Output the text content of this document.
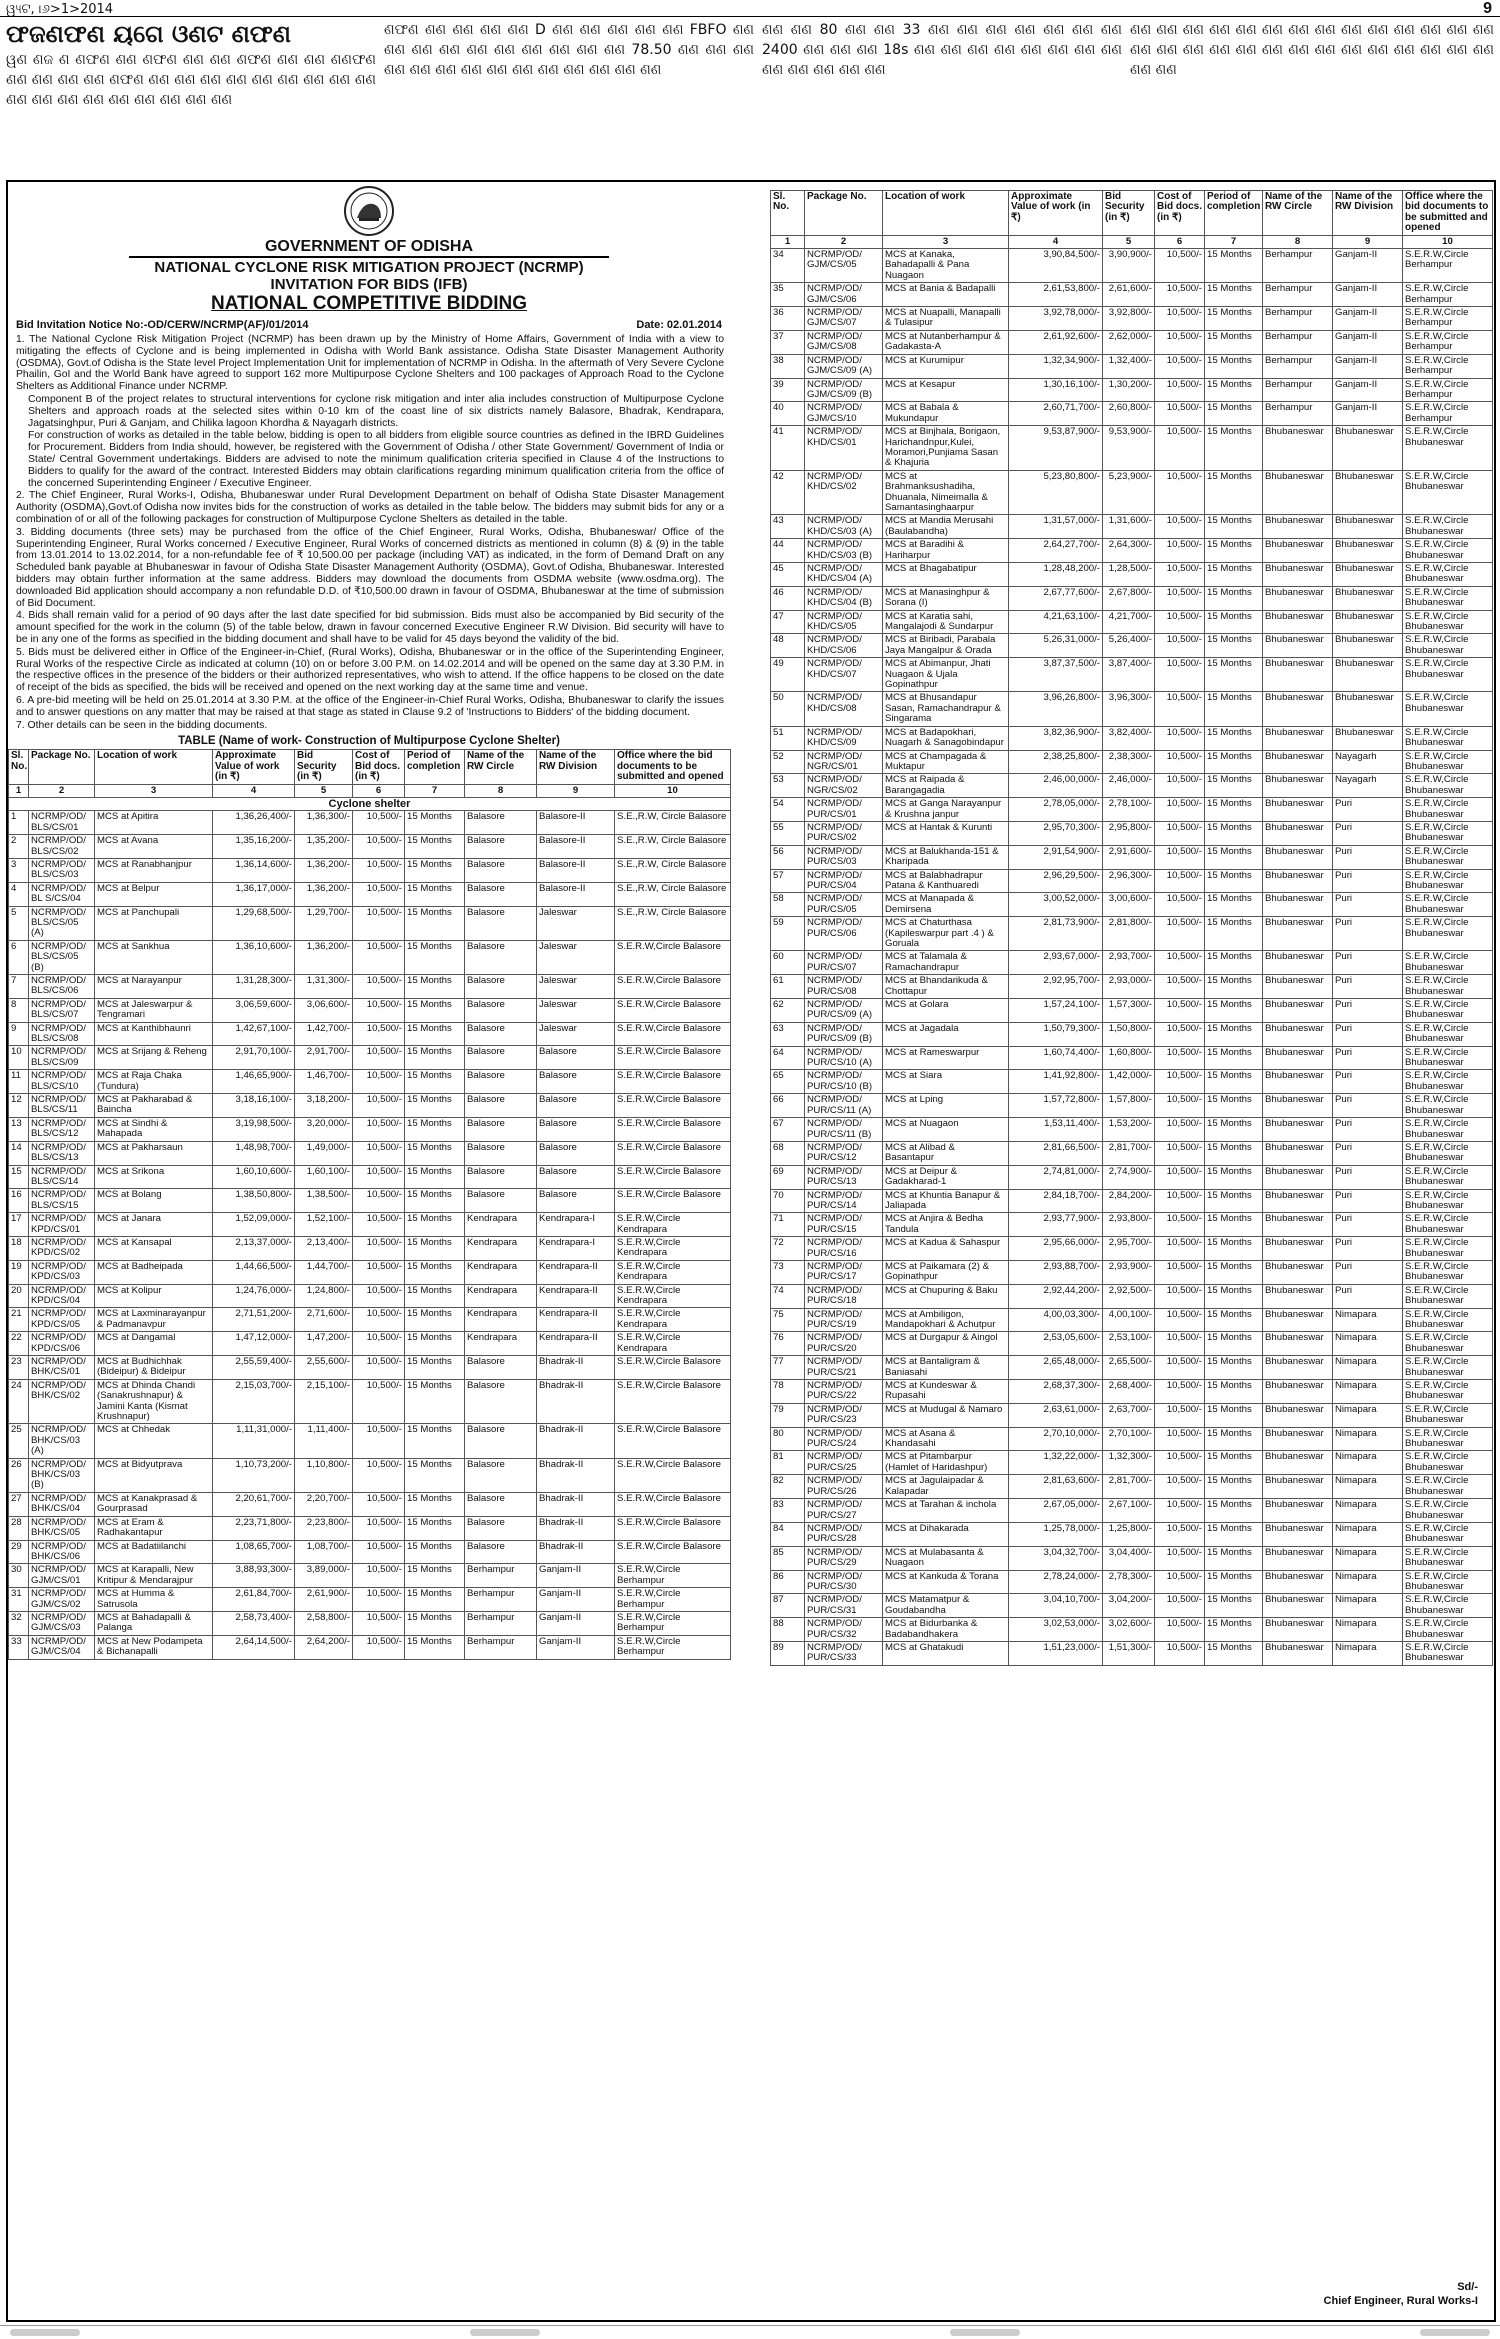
ୱ୳ଟ, ୲୬>1>2014	9
ଫଜଣଫଣ ୟଗେ ଓଣଟ ଣଫଣ
ୱଣ ଣଜ ଣ ଣଫଣ ଣଣ ଣଫଣ ଣଣ ଣଣ ଣଫଣ ଣଣ ଣଣ ଣଣଫଣ ଣଣ ଣଣ ଣଣ ଣଣ ଣଫଣ ଣଣ ଣଣ ଣଣ ଣଣ ଣଣ ଣଣ ଣଣ ଣଣ ଣଣ ଣଣ ଣଣ ଣଣ ଣଣ ଣଣ ଣଣ ଣଣ ଣଣ ଣଣ
ଣଫଣ ଣଣ ଣଣ ଣଣ ଣଣ D ଣଣ ଣଣ ଣଣ ଣଣ ଣଣ FBFO ଣଣ ଣଣ ଣଣ ଣଣ ଣଣ ଣଣ ଣଣ ଣଣ ଣଣ ଣଣ 78.50 ଣଣ ଣଣ ଣଣ ଣଣ ଣଣ ଣଣ ଣଣ ଣଣ ଣଣ ଣଣ ଣଣ ଣଣ ଣଣ ଣଣ
ଣଣ ଣଣ 80 ଣଣ ଣଣ 33 ଣଣ ଣଣ ଣଣ ଣଣ ଣଣ ଣଣ ଣଣ 2400 ଣଣ ଣଣ ଣଣ 18s ଣଣ ଣଣ ଣଣ ଣଣ ଣଣ ଣଣ ଣଣ ଣଣ ଣଣ ଣଣ ଣଣ ଣଣ ଣଣ
ଣଣ ଣଣ ଣଣ ଣଣ ଣଣ ଣଣ ଣଣ ଣଣ ଣଣ ଣଣ ଣଣ ଣଣ ଣଣ ଣଣ ଣଣ ଣଣ ଣଣ ଣଣ ଣଣ ଣଣ ଣଣ ଣଣ ଣଣ ଣଣ ଣଣ ଣଣ ଣଣ ଣଣ ଣଣ ଣଣ
GOVERNMENT OF ODISHA
NATIONAL CYCLONE RISK MITIGATION PROJECT (NCRMP)
INVITATION FOR BIDS (IFB)
NATIONAL COMPETITIVE BIDDING
Bid Invitation Notice No:-OD/CERW/NCRMP(AF)/01/2014	Date: 02.01.2014

1. The National Cyclone Risk Mitigation Project (NCRMP) has been drawn up by the Ministry of Home Affairs, Government of India with a view to mitigating the effects of Cyclone and is being implemented in Odisha with World Bank assistance. Odisha State Disaster Management Authority (OSDMA), Govt.of Odisha is the State level Project Implementation Unit for implementation of NCRMP in Odisha. In the aftermath of Very Severe Cyclone Phailin, GoI and the World Bank have agreed to support 162 more Multipurpose Cyclone Shelters and 100 packages of Approach Road to the Cyclone Shelters as Additional Finance under NCRMP.

Component B of the project relates to structural interventions for cyclone risk mitigation and inter alia includes construction of Multipurpose Cyclone Shelters and approach roads at the selected sites within 0-10 km of the coast line of six districts namely Balasore, Bhadrak, Kendrapara, Jagatsinghpur, Puri & Ganjam, and Chilika lagoon Khordha & Nayagarh districts.

For construction of works as detailed in the table below, bidding is open to all bidders from eligible source countries as defined in the IBRD Guidelines for Procurement. Bidders from India should, however, be registered with the Government of Odisha / other State Government/ Government of India or State/ Central Government undertakings. Bidders are advised to note the minimum qualification criteria specified in Clause 4 of the Instructions to Bidders to qualify for the award of the contract. Interested Bidders may obtain clarifications regarding minimum qualification criteria from the office of the concerned Superintending Engineer / Executive Engineer.

2. The Chief Engineer, Rural Works-I, Odisha, Bhubaneswar under Rural Development Department on behalf of Odisha State Disaster Management Authority (OSDMA),Govt.of Odisha now invites bids for the construction of works as detailed in the table below. The bidders may submit bids for any or a combination of or all of the following packages for construction of Multipurpose Cyclone Shelters as detailed in the table.

3. Bidding documents (three sets) may be purchased from the office of the Chief Engineer, Rural Works, Odisha, Bhubaneswar/ Office of the Superintending Engineer, Rural Works concerned / Executive Engineer, Rural Works of concerned districts as mentioned in column (8) & (9) in the table from 13.01.2014 to 13.02.2014, for a non-refundable fee of ₹ 10,500.00 per package (including VAT) as indicated, in the form of Demand Draft on any Scheduled bank payable at Bhubaneswar in favour of Odisha State Disaster Management Authority (OSDMA), Govt.of Odisha, Bhubaneswar. Interested bidders may obtain further information at the same address. Bidders may download the documents from OSDMA website (www.osdma.org). The downloaded Bid application should accompany a non refundable D.D. of ₹10,500.00 drawn in favour of OSDMA, Bhubaneswar at the time of submission of Bid Document.

4. Bids shall remain valid for a period of 90 days after the last date specified for bid submission. Bids must also be accompanied by Bid security of the amount specified for the work in the column (5) of the table below, drawn in favour concerned Executive Engineer R.W Division. Bid security will have to be in any one of the forms as specified in the bidding document and shall have to be valid for 45 days beyond the validity of the bid.

5. Bids must be delivered either in Office of the Engineer-in-Chief, (Rural Works), Odisha, Bhubaneswar or in the office of the Superintending Engineer, Rural Works of the respective Circle as indicated at column (10) on or before 3.00 P.M. on 14.02.2014 and will be opened on the same day at 3.30 P.M. in the respective offices in the presence of the bidders or their authorized representatives, who wish to attend. If the office happens to be closed on the date of receipt of the bids as specified, the bids will be received and opened on the next working day at the same time and venue.

6. A pre-bid meeting will be held on 25.01.2014 at 3.30 P.M. at the office of the Engineer-in-Chief Rural Works, Odisha, Bhubaneswar to clarify the issues and to answer questions on any matter that may be raised at that stage as stated in Clause 9.2 of 'Instructions to Bidders' of the bidding document.

7. Other details can be seen in the bidding documents.

TABLE (Name of work- Construction of Multipurpose Cyclone Shelter)
Sl. No.	Package No.	Location of work	Approximate Value of work (in ₹)	Bid Security (in ₹)	Cost of Bid docs. (in ₹)	Period of completion	Name of the RW Circle	Name of the RW Division	Office where the bid documents to be submitted and opened
1	2	3	4	5	6	7	8	9	10
Cyclone shelter									
1	NCRMP/OD/ BLS/CS/01	MCS at Apitira	1,36,26,400/-	1,36,300/-	10,500/-	15 Months	Balasore	Balasore-II	S.E.,R.W, Circle Balasore
2	NCRMP/OD/ BLS/CS/02	MCS at Avana	1,35,16,200/-	1,35,200/-	10,500/-	15 Months	Balasore	Balasore-II	S.E.,R.W, Circle Balasore
3	NCRMP/OD/ BLS/CS/03	MCS at Ranabhanjpur	1,36,14,600/-	1,36,200/-	10,500/-	15 Months	Balasore	Balasore-II	S.E.,R.W, Circle Balasore
4	NCRMP/OD/ BL S/CS/04	MCS at Belpur	1,36,17,000/-	1,36,200/-	10,500/-	15 Months	Balasore	Balasore-II	S.E.,R.W, Circle Balasore
5	NCRMP/OD/ BLS/CS/05 (A)	MCS at Panchupali	1,29,68,500/-	1,29,700/-	10,500/-	15 Months	Balasore	Jaleswar	S.E.,R.W, Circle Balasore
6	NCRMP/OD/ BLS/CS/05 (B)	MCS at Sankhua	1,36,10,600/-	1,36,200/-	10,500/-	15 Months	Balasore	Jaleswar	S.E.R.W,Circle Balasore
7	NCRMP/OD/ BLS/CS/06	MCS at Narayanpur	1,31,28,300/-	1,31,300/-	10,500/-	15 Months	Balasore	Jaleswar	S.E.R.W,Circle Balasore
8	NCRMP/OD/ BLS/CS/07	MCS at Jaleswarpur & Tengramari	3,06,59,600/-	3,06,600/-	10,500/-	15 Months	Balasore	Jaleswar	S.E.R.W,Circle Balasore
9	NCRMP/OD/ BLS/CS/08	MCS at Kanthibhaunri	1,42,67,100/-	1,42,700/-	10,500/-	15 Months	Balasore	Jaleswar	S.E.R.W,Circle Balasore
10	NCRMP/OD/ BLS/CS/09	MCS at Srijang & Reheng	2,91,70,100/-	2,91,700/-	10,500/-	15 Months	Balasore	Balasore	S.E.R.W,Circle Balasore
11	NCRMP/OD/ BLS/CS/10	MCS at Raja Chaka (Tundura)	1,46,65,900/-	1,46,700/-	10,500/-	15 Months	Balasore	Balasore	S.E.R.W,Circle Balasore
12	NCRMP/OD/ BLS/CS/11	MCS at Pakharabad & Baincha	3,18,16,100/-	3,18,200/-	10,500/-	15 Months	Balasore	Balasore	S.E.R.W,Circle Balasore
13	NCRMP/OD/ BLS/CS/12	MCS at Sindhi & Mahapada	3,19,98,500/-	3,20,000/-	10,500/-	15 Months	Balasore	Balasore	S.E.R.W,Circle Balasore
14	NCRMP/OD/ BLS/CS/13	MCS at Pakharsaun	1,48,98,700/-	1,49,000/-	10,500/-	15 Months	Balasore	Balasore	S.E.R.W,Circle Balasore
15	NCRMP/OD/ BLS/CS/14	MCS at Srikona	1,60,10,600/-	1,60,100/-	10,500/-	15 Months	Balasore	Balasore	S.E.R.W,Circle Balasore
16	NCRMP/OD/ BLS/CS/15	MCS at Bolang	1,38,50,800/-	1,38,500/-	10,500/-	15 Months	Balasore	Balasore	S.E.R.W,Circle Balasore
17	NCRMP/OD/ KPD/CS/01	MCS at Janara	1,52,09,000/-	1,52,100/-	10,500/-	15 Months	Kendrapara	Kendrapara-I	S.E.R.W,Circle Kendrapara
18	NCRMP/OD/ KPD/CS/02	MCS at Kansapal	2,13,37,000/-	2,13,400/-	10,500/-	15 Months	Kendrapara	Kendrapara-I	S.E.R.W,Circle Kendrapara
19	NCRMP/OD/ KPD/CS/03	MCS at Badheipada	1,44,66,500/-	1,44,700/-	10,500/-	15 Months	Kendrapara	Kendrapara-II	S.E.R.W,Circle Kendrapara
20	NCRMP/OD/ KPD/CS/04	MCS at Kolipur	1,24,76,000/-	1,24,800/-	10,500/-	15 Months	Kendrapara	Kendrapara-II	S.E.R.W,Circle Kendrapara
21	NCRMP/OD/ KPD/CS/05	MCS at Laxminarayanpur & Padmanavpur	2,71,51,200/-	2,71,600/-	10,500/-	15 Months	Kendrapara	Kendrapara-II	S.E.R.W,Circle Kendrapara
22	NCRMP/OD/ KPD/CS/06	MCS at Dangamal	1,47,12,000/-	1,47,200/-	10,500/-	15 Months	Kendrapara	Kendrapara-II	S.E.R.W,Circle Kendrapara
23	NCRMP/OD/ BHK/CS/01	MCS at Budhichhak (Bideipur) & Bideipur	2,55,59,400/-	2,55,600/-	10,500/-	15 Months	Balasore	Bhadrak-II	S.E.R.W,Circle Balasore
24	NCRMP/OD/ BHK/CS/02	MCS at Dhinda Chandi (Sanakrushnapur) & Jamini Kanta (Kismat Krushnapur)	2,15,03,700/-	2,15,100/-	10,500/-	15 Months	Balasore	Bhadrak-II	S.E.R.W,Circle Balasore
25	NCRMP/OD/ BHK/CS/03 (A)	MCS at Chhedak	1,11,31,000/-	1,11,400/-	10,500/-	15 Months	Balasore	Bhadrak-II	S.E.R.W,Circle Balasore
26	NCRMP/OD/ BHK/CS/03 (B)	MCS at Bidyutprava	1,10,73,200/-	1,10,800/-	10,500/-	15 Months	Balasore	Bhadrak-II	S.E.R.W,Circle Balasore
27	NCRMP/OD/ BHK/CS/04	MCS at Kanakprasad & Gourprasad	2,20,61,700/-	2,20,700/-	10,500/-	15 Months	Balasore	Bhadrak-II	S.E.R.W,Circle Balasore
28	NCRMP/OD/ BHK/CS/05	MCS at Eram & Radhakantapur	2,23,71,800/-	2,23,800/-	10,500/-	15 Months	Balasore	Bhadrak-II	S.E.R.W,Circle Balasore
29	NCRMP/OD/ BHK/CS/06	MCS at Badatiilanchi	1,08,65,700/-	1,08,700/-	10,500/-	15 Months	Balasore	Bhadrak-II	S.E.R.W,Circle Balasore
30	NCRMP/OD/ GJM/CS/01	MCS at Karapalli, New Kritipur & Mendarajpur	3,88,93,300/-	3,89,000/-	10,500/-	15 Months	Berhampur	Ganjam-II	S.E.R.W,Circle Berhampur
31	NCRMP/OD/ GJM/CS/02	MCS at Humma & Satrusola	2,61,84,700/-	2,61,900/-	10,500/-	15 Months	Berhampur	Ganjam-II	S.E.R.W,Circle Berhampur
32	NCRMP/OD/ GJM/CS/03	MCS at Bahadapalli & Palanga	2,58,73,400/-	2,58,800/-	10,500/-	15 Months	Berhampur	Ganjam-II	S.E.R.W,Circle Berhampur
33	NCRMP/OD/ GJM/CS/04	MCS at New Podampeta & Bichanapalli	2,64,14,500/-	2,64,200/-	10,500/-	15 Months	Berhampur	Ganjam-II	S.E.R.W,Circle Berhampur
Sl. No.	Package No.	Location of work	Approximate Value of work (in ₹)	Bid Security (in ₹)	Cost of Bid docs. (in ₹)	Period of completion	Name of the RW Circle	Name of the RW Division	Office where the bid documents to be submitted and opened
1	2	3	4	5	6	7	8	9	10
34	NCRMP/OD/ GJM/CS/05	MCS at Kanaka, Bahadapalli & Pana Nuagaon	3,90,84,500/-	3,90,900/-	10,500/-	15 Months	Berhampur	Ganjam-II	S.E.R.W,Circle Berhampur
35	NCRMP/OD/ GJM/CS/06	MCS at Bania & Badapalli	2,61,53,800/-	2,61,600/-	10,500/-	15 Months	Berhampur	Ganjam-II	S.E.R.W,Circle Berhampur
36	NCRMP/OD/ GJM/CS/07	MCS at Nuapalli, Manapalli & Tulasipur	3,92,78,000/-	3,92,800/-	10,500/-	15 Months	Berhampur	Ganjam-II	S.E.R.W,Circle Berhampur
37	NCRMP/OD/ GJM/CS/08	MCS at Nutanberhampur & Gadakasta-A	2,61,92,600/-	2,62,000/-	10,500/-	15 Months	Berhampur	Ganjam-II	S.E.R.W,Circle Berhampur
38	NCRMP/OD/ GJM/CS/09 (A)	MCS at Kurumipur	1,32,34,900/-	1,32,400/-	10,500/-	15 Months	Berhampur	Ganjam-II	S.E.R.W,Circle Berhampur
39	NCRMP/OD/ GJM/CS/09 (B)	MCS at Kesapur	1,30,16,100/-	1,30,200/-	10,500/-	15 Months	Berhampur	Ganjam-II	S.E.R.W,Circle Berhampur
40	NCRMP/OD/ GJM/CS/10	MCS at Babala & Mukundapur	2,60,71,700/-	2,60,800/-	10,500/-	15 Months	Berhampur	Ganjam-II	S.E.R.W,Circle Berhampur
41	NCRMP/OD/ KHD/CS/01	MCS at Binjhala, Borigaon, Harichandnpur,Kulei, Moramori,Punjiama Sasan & Khajuria	9,53,87,900/-	9,53,900/-	10,500/-	15 Months	Bhubaneswar	Bhubaneswar	S.E.R.W,Circle Bhubaneswar
42	NCRMP/OD/ KHD/CS/02	MCS at Brahmanksushadiha, Dhuanala, Nimeimalla & Samantasinghaarpur	5,23,80,800/-	5,23,900/-	10,500/-	15 Months	Bhubaneswar	Bhubaneswar	S.E.R.W,Circle Bhubaneswar
43	NCRMP/OD/ KHD/CS/03 (A)	MCS at Mandia Merusahi (Baulabandha)	1,31,57,000/-	1,31,600/-	10,500/-	15 Months	Bhubaneswar	Bhubaneswar	S.E.R.W,Circle Bhubaneswar
44	NCRMP/OD/ KHD/CS/03 (B)	MCS at Baradihi & Hariharpur	2,64,27,700/-	2,64,300/-	10,500/-	15 Months	Bhubaneswar	Bhubaneswar	S.E.R.W,Circle Bhubaneswar
45	NCRMP/OD/ KHD/CS/04 (A)	MCS at Bhagabatipur	1,28,48,200/-	1,28,500/-	10,500/-	15 Months	Bhubaneswar	Bhubaneswar	S.E.R.W,Circle Bhubaneswar
46	NCRMP/OD/ KHD/CS/04 (B)	MCS at Manasinghpur & Sorana (I)	2,67,77,600/-	2,67,800/-	10,500/-	15 Months	Bhubaneswar	Bhubaneswar	S.E.R.W,Circle Bhubaneswar
47	NCRMP/OD/ KHD/CS/05	MCS at Karatia sahi, Mangalajodi & Sundarpur	4,21,63,100/-	4,21,700/-	10,500/-	15 Months	Bhubaneswar	Bhubaneswar	S.E.R.W,Circle Bhubaneswar
48	NCRMP/OD/ KHD/CS/06	MCS at Biribadi, Parabala Jaya Mangalpur & Orada	5,26,31,000/-	5,26,400/-	10,500/-	15 Months	Bhubaneswar	Bhubaneswar	S.E.R.W,Circle Bhubaneswar
49	NCRMP/OD/ KHD/CS/07	MCS at Abimanpur, Jhati Nuagaon & Ujala Gopinathpur	3,87,37,500/-	3,87,400/-	10,500/-	15 Months	Bhubaneswar	Bhubaneswar	S.E.R.W,Circle Bhubaneswar
50	NCRMP/OD/ KHD/CS/08	MCS at Bhusandapur Sasan, Ramachandrapur & Singarama	3,96,26,800/-	3,96,300/-	10,500/-	15 Months	Bhubaneswar	Bhubaneswar	S.E.R.W,Circle Bhubaneswar
51	NCRMP/OD/ KHD/CS/09	MCS at Badapokhari, Nuagarh & Sanagobindapur	3,82,36,900/-	3,82,400/-	10,500/-	15 Months	Bhubaneswar	Bhubaneswar	S.E.R.W,Circle Bhubaneswar
52	NCRMP/OD/ NGR/CS/01	MCS at Champagada & Muktapur	2,38,25,800/-	2,38,300/-	10,500/-	15 Months	Bhubaneswar	Nayagarh	S.E.R.W,Circle Bhubaneswar
53	NCRMP/OD/ NGR/CS/02	MCS at Raipada & Barangagadia	2,46,00,000/-	2,46,000/-	10,500/-	15 Months	Bhubaneswar	Nayagarh	S.E.R.W,Circle Bhubaneswar
54	NCRMP/OD/ PUR/CS/01	MCS at Ganga Narayanpur & Krushna janpur	2,78,05,000/-	2,78,100/-	10,500/-	15 Months	Bhubaneswar	Puri	S.E.R.W,Circle Bhubaneswar
55	NCRMP/OD/ PUR/CS/02	MCS at Hantak & Kurunti	2,95,70,300/-	2,95,800/-	10,500/-	15 Months	Bhubaneswar	Puri	S.E.R.W,Circle Bhubaneswar
56	NCRMP/OD/ PUR/CS/03	MCS at Balukhanda-151 & Kharipada	2,91,54,900/-	2,91,600/-	10,500/-	15 Months	Bhubaneswar	Puri	S.E.R.W,Circle Bhubaneswar
57	NCRMP/OD/ PUR/CS/04	MCS at Balabhadrapur Patana & Kanthuaredi	2,96,29,500/-	2,96,300/-	10,500/-	15 Months	Bhubaneswar	Puri	S.E.R.W,Circle Bhubaneswar
58	NCRMP/OD/ PUR/CS/05	MCS at Manapada & Demirsena	3,00,52,000/-	3,00,600/-	10,500/-	15 Months	Bhubaneswar	Puri	S.E.R.W,Circle Bhubaneswar
59	NCRMP/OD/ PUR/CS/06	MCS at Chaturthasa (Kapileswarpur part .4 ) & Goruala	2,81,73,900/-	2,81,800/-	10,500/-	15 Months	Bhubaneswar	Puri	S.E.R.W,Circle Bhubaneswar
60	NCRMP/OD/ PUR/CS/07	MCS at Talamala & Ramachandrapur	2,93,67,000/-	2,93,700/-	10,500/-	15 Months	Bhubaneswar	Puri	S.E.R.W,Circle Bhubaneswar
61	NCRMP/OD/ PUR/CS/08	MCS at Bhandarikuda & Chottapur	2,92,95,700/-	2,93,000/-	10,500/-	15 Months	Bhubaneswar	Puri	S.E.R.W,Circle Bhubaneswar
62	NCRMP/OD/ PUR/CS/09 (A)	MCS at Golara	1,57,24,100/-	1,57,300/-	10,500/-	15 Months	Bhubaneswar	Puri	S.E.R.W,Circle Bhubaneswar
63	NCRMP/OD/ PUR/CS/09 (B)	MCS at Jagadala	1,50,79,300/-	1,50,800/-	10,500/-	15 Months	Bhubaneswar	Puri	S.E.R.W,Circle Bhubaneswar
64	NCRMP/OD/ PUR/CS/10 (A)	MCS at Rameswarpur	1,60,74,400/-	1,60,800/-	10,500/-	15 Months	Bhubaneswar	Puri	S.E.R.W,Circle Bhubaneswar
65	NCRMP/OD/ PUR/CS/10 (B)	MCS at Siara	1,41,92,800/-	1,42,000/-	10,500/-	15 Months	Bhubaneswar	Puri	S.E.R.W,Circle Bhubaneswar
66	NCRMP/OD/ PUR/CS/11 (A)	MCS at Lping	1,57,72,800/-	1,57,800/-	10,500/-	15 Months	Bhubaneswar	Puri	S.E.R.W,Circle Bhubaneswar
67	NCRMP/OD/ PUR/CS/11 (B)	MCS at Nuagaon	1,53,11,400/-	1,53,200/-	10,500/-	15 Months	Bhubaneswar	Puri	S.E.R.W,Circle Bhubaneswar
68	NCRMP/OD/ PUR/CS/12	MCS at Alibad & Basantapur	2,81,66,500/-	2,81,700/-	10,500/-	15 Months	Bhubaneswar	Puri	S.E.R.W,Circle Bhubaneswar
69	NCRMP/OD/ PUR/CS/13	MCS at Deipur & Gadakharad-1	2,74,81,000/-	2,74,900/-	10,500/-	15 Months	Bhubaneswar	Puri	S.E.R.W,Circle Bhubaneswar
70	NCRMP/OD/ PUR/CS/14	MCS at Khuntia Banapur & Jaliapada	2,84,18,700/-	2,84,200/-	10,500/-	15 Months	Bhubaneswar	Puri	S.E.R.W,Circle Bhubaneswar
71	NCRMP/OD/ PUR/CS/15	MCS at Anjira & Bedha Tandula	2,93,77,900/-	2,93,800/-	10,500/-	15 Months	Bhubaneswar	Puri	S.E.R.W,Circle Bhubaneswar
72	NCRMP/OD/ PUR/CS/16	MCS at Kadua & Sahaspur	2,95,66,000/-	2,95,700/-	10,500/-	15 Months	Bhubaneswar	Puri	S.E.R.W,Circle Bhubaneswar
73	NCRMP/OD/ PUR/CS/17	MCS at Paikamara (2) & Gopinathpur	2,93,88,700/-	2,93,900/-	10,500/-	15 Months	Bhubaneswar	Puri	S.E.R.W,Circle Bhubaneswar
74	NCRMP/OD/ PUR/CS/18	MCS at Chupuring & Baku	2,92,44,200/-	2,92,500/-	10,500/-	15 Months	Bhubaneswar	Puri	S.E.R.W,Circle Bhubaneswar
75	NCRMP/OD/ PUR/CS/19	MCS at Ambiligon, Mandapokhari & Achutpur	4,00,03,300/-	4,00,100/-	10,500/-	15 Months	Bhubaneswar	Nimapara	S.E.R.W,Circle Bhubaneswar
76	NCRMP/OD/ PUR/CS/20	MCS at Durgapur & Aingol	2,53,05,600/-	2,53,100/-	10,500/-	15 Months	Bhubaneswar	Nimapara	S.E.R.W,Circle Bhubaneswar
77	NCRMP/OD/ PUR/CS/21	MCS at Bantaligram & Baniasahi	2,65,48,000/-	2,65,500/-	10,500/-	15 Months	Bhubaneswar	Nimapara	S.E.R.W,Circle Bhubaneswar
78	NCRMP/OD/ PUR/CS/22	MCS at Kundeswar & Rupasahi	2,68,37,300/-	2,68,400/-	10,500/-	15 Months	Bhubaneswar	Nimapara	S.E.R.W,Circle Bhubaneswar
79	NCRMP/OD/ PUR/CS/23	MCS at Mudugal & Namaro	2,63,61,000/-	2,63,700/-	10,500/-	15 Months	Bhubaneswar	Nimapara	S.E.R.W,Circle Bhubaneswar
80	NCRMP/OD/ PUR/CS/24	MCS at Asana & Khandasahi	2,70,10,000/-	2,70,100/-	10,500/-	15 Months	Bhubaneswar	Nimapara	S.E.R.W,Circle Bhubaneswar
81	NCRMP/OD/ PUR/CS/25	MCS at Pitambarpur (Hamlet of Haridashpur)	1,32,22,000/-	1,32,300/-	10,500/-	15 Months	Bhubaneswar	Nimapara	S.E.R.W,Circle Bhubaneswar
82	NCRMP/OD/ PUR/CS/26	MCS at Jagulaipadar & Kalapadar	2,81,63,600/-	2,81,700/-	10,500/-	15 Months	Bhubaneswar	Nimapara	S.E.R.W,Circle Bhubaneswar
83	NCRMP/OD/ PUR/CS/27	MCS at Tarahan & inchola	2,67,05,000/-	2,67,100/-	10,500/-	15 Months	Bhubaneswar	Nimapara	S.E.R.W,Circle Bhubaneswar
84	NCRMP/OD/ PUR/CS/28	MCS at Dihakarada	1,25,78,000/-	1,25,800/-	10,500/-	15 Months	Bhubaneswar	Nimapara	S.E.R.W,Circle Bhubaneswar
85	NCRMP/OD/ PUR/CS/29	MCS at Mulabasanta & Nuagaon	3,04,32,700/-	3,04,400/-	10,500/-	15 Months	Bhubaneswar	Nimapara	S.E.R.W,Circle Bhubaneswar
86	NCRMP/OD/ PUR/CS/30	MCS at Kankuda & Torana	2,78,24,000/-	2,78,300/-	10,500/-	15 Months	Bhubaneswar	Nimapara	S.E.R.W,Circle Bhubaneswar
87	NCRMP/OD/ PUR/CS/31	MCS Matamatpur & Goudabandha	3,04,10,700/-	3,04,200/-	10,500/-	15 Months	Bhubaneswar	Nimapara	S.E.R.W,Circle Bhubaneswar
88	NCRMP/OD/ PUR/CS/32	MCS at Bidurbanka & Badabandhakera	3,02,53,000/-	3,02,600/-	10,500/-	15 Months	Bhubaneswar	Nimapara	S.E.R.W,Circle Bhubaneswar
89	NCRMP/OD/ PUR/CS/33	MCS at Ghatakudi	1,51,23,000/-	1,51,300/-	10,500/-	15 Months	Bhubaneswar	Nimapara	S.E.R.W,Circle Bhubaneswar
Sd/-
Chief Engineer, Rural Works-I
